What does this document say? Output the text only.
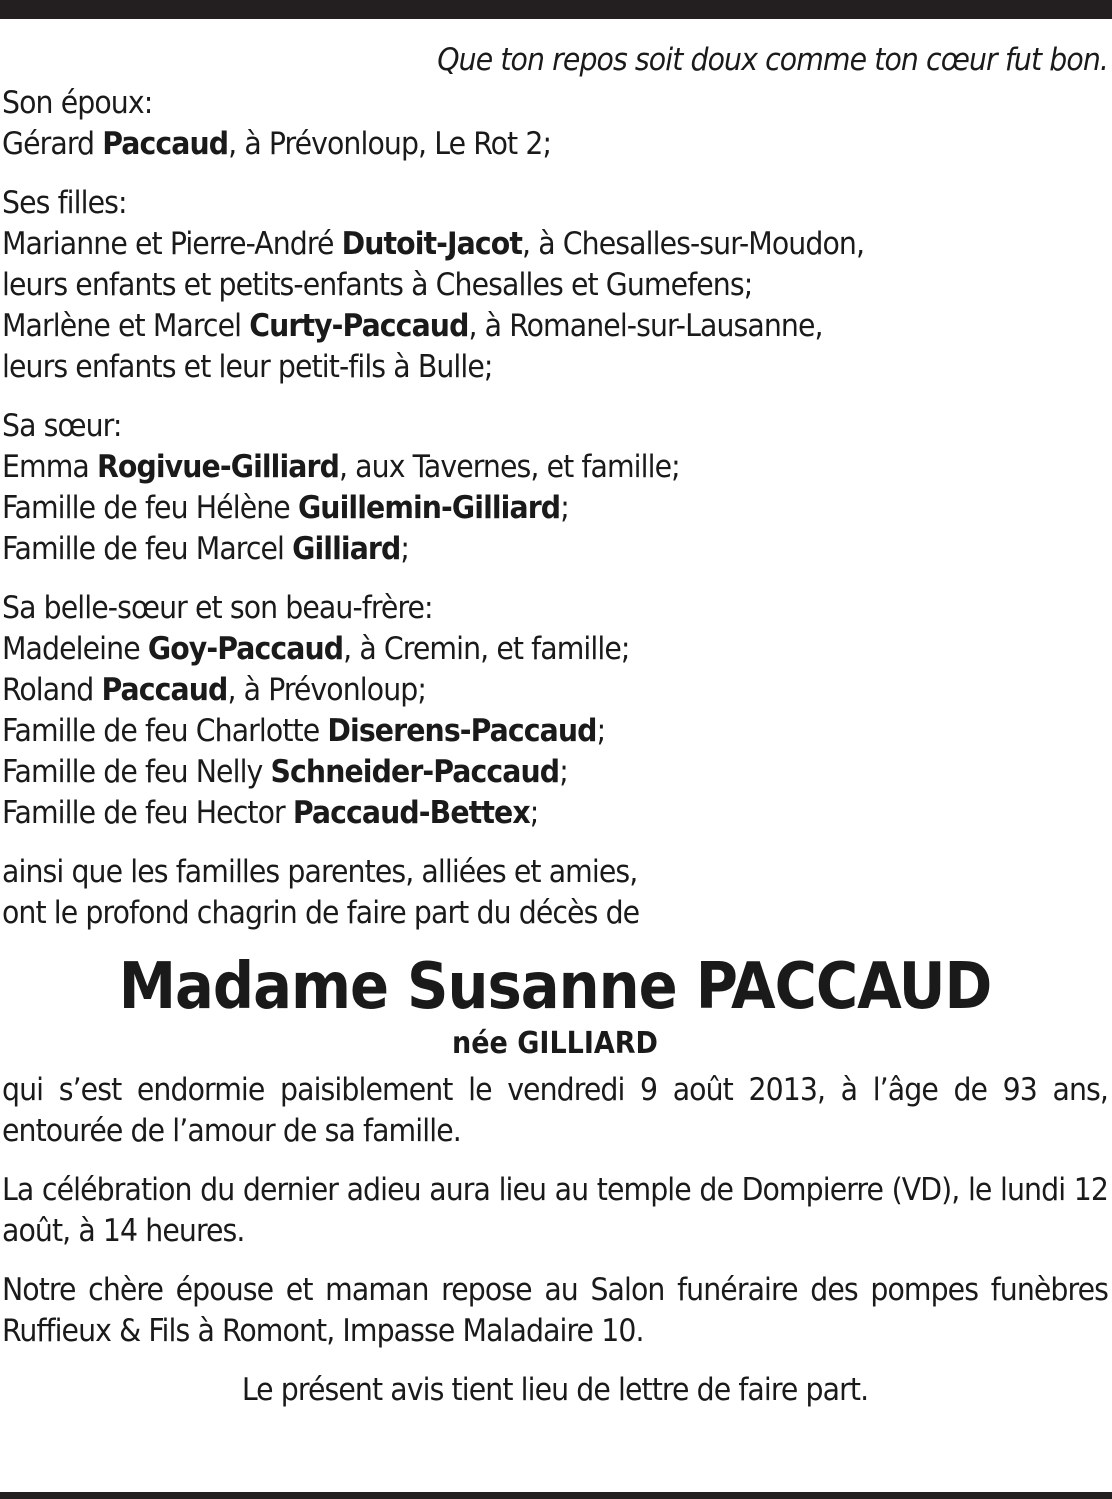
Que ton repos soit doux comme ton cœur fut bon.

Son époux:
Gérard Paccaud, à Prévonloup, Le Rot 2;
Ses filles:
Marianne et Pierre-André Dutoit-Jacot, à Chesalles-sur-Moudon,
leurs enfants et petits-enfants à Chesalles et Gumefens;
Marlène et Marcel Curty-Paccaud, à Romanel-sur-Lausanne,
leurs enfants et leur petit-fils à Bulle;
Sa sœur:
Emma Rogivue-Gilliard, aux Tavernes, et famille;
Famille de feu Hélène Guillemin-Gilliard;
Famille de feu Marcel Gilliard;
Sa belle-sœur et son beau-frère:
Madeleine Goy-Paccaud, à Cremin, et famille;
Roland Paccaud, à Prévonloup;
Famille de feu Charlotte Diserens-Paccaud;
Famille de feu Nelly Schneider-Paccaud;
Famille de feu Hector Paccaud-Bettex;
ainsi que les familles parentes, alliées et amies,
ont le profond chagrin de faire part du décès de
Madame Susanne PACCAUD
née GILLIARD

qui s’est endormie paisiblement le vendredi 9 août 2013, à l’âge de 93 ans, entourée de l’amour de sa famille.

La célébration du dernier adieu aura lieu au temple de Dompierre (VD), le lundi 12 août, à 14 heures.

Notre chère épouse et maman repose au Salon funéraire des pompes funèbres Ruffieux & Fils à Romont, Impasse Maladaire 10.

Le présent avis tient lieu de lettre de faire part.
